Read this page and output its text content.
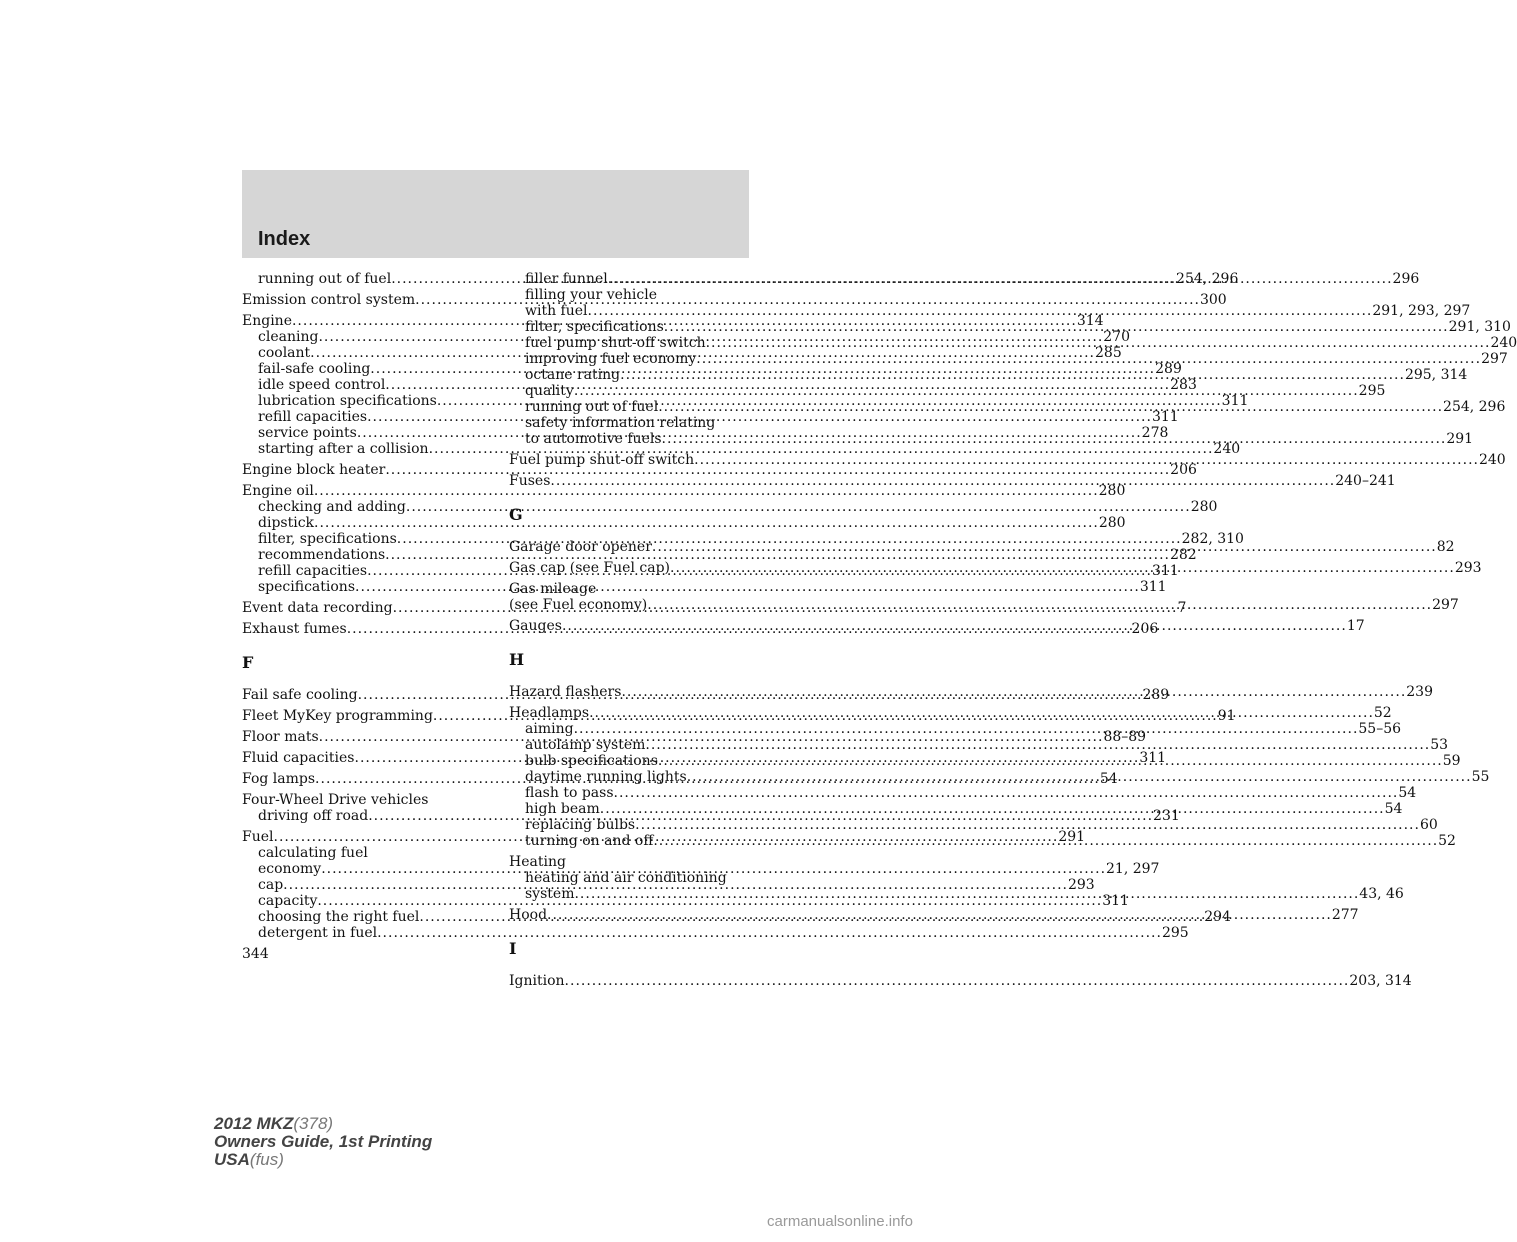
Index
running out of fuel .....	254, 296
Emission control system .....	300
Engine .....	314
cleaning .....	270
coolant .....	285
fail-safe cooling .....	289
idle speed control .....	283
lubrication specifications .....	311
refill capacities .....	311
service points .....	278
starting after a collision .....	240
Engine block heater .....	206
Engine oil .....	280
checking and adding .....	280
dipstick .....	280
filter, specifications .....	282, 310
recommendations .....	282
refill capacities .....	311
specifications .....	311
Event data recording .....	7
Exhaust fumes .....	206
F
Fail safe cooling .....	289
Fleet MyKey programming .....	91
Floor mats .....	88–89
Fluid capacities .....	311
Fog lamps .....	54
Four-Wheel Drive vehicles
driving off road .....	231
Fuel .....	291
calculating fuel
economy .....	21, 297
cap .....	293
capacity .....	311
choosing the right fuel .....	294
detergent in fuel .....	295
filler funnel .....	296
filling your vehicle
with fuel .....	291, 293, 297
filter, specifications .....	291, 310
fuel pump shut-off switch .....	240
improving fuel economy .....	297
octane rating .....	295, 314
quality .....	295
running out of fuel .....	254, 296
safety information relating
to automotive fuels .....	291
Fuel pump shut-off switch .....	240
Fuses .....	240–241
G
Garage door opener .....	82
Gas cap (see Fuel cap) .....	293
Gas mileage
(see Fuel economy) .....	297
Gauges .....	17
H
Hazard flashers .....	239
Headlamps .....	52
aiming .....	55–56
autolamp system .....	53
bulb specifications .....	59
daytime running lights .....	55
flash to pass .....	54
high beam .....	54
replacing bulbs .....	60
turning on and off .....	52
Heating
heating and air conditioning
system .....	43, 46
Hood .....	277
I
Ignition .....	203, 314
344
2012 MKZ(378)
Owners Guide, 1st Printing
USA(fus)
carmanualsonline.info
